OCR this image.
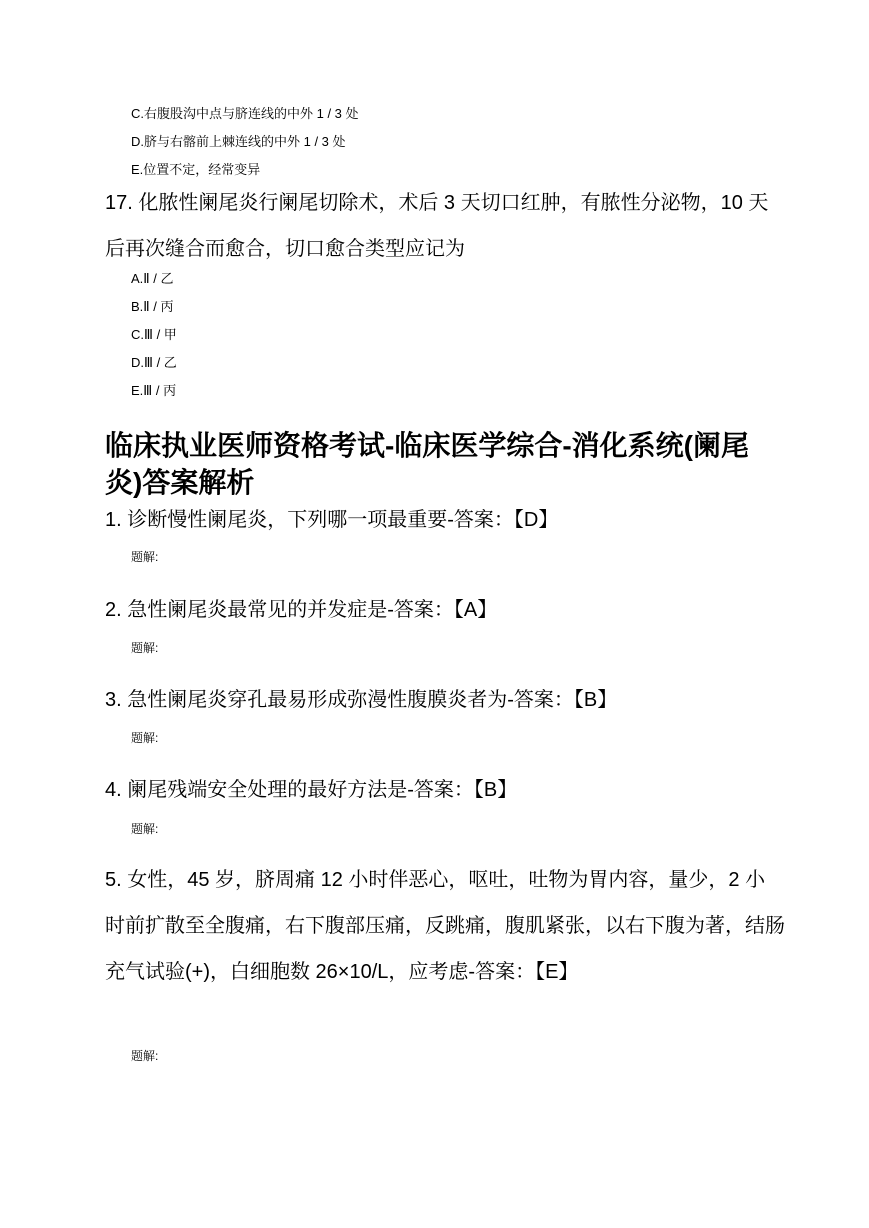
C.右腹股沟中点与脐连线的中外 1 / 3 处
D.脐与右髂前上棘连线的中外 1 / 3 处
E.位置不定，经常变异
17. 化脓性阑尾炎行阑尾切除术，术后 3 天切口红肿，有脓性分泌物，10 天后再次缝合而愈合，切口愈合类型应记为
A.Ⅱ / 乙
B.Ⅱ / 丙
C.Ⅲ / 甲
D.Ⅲ / 乙
E.Ⅲ / 丙
临床执业医师资格考试-临床医学综合-消化系统(阑尾炎)答案解析
1. 诊断慢性阑尾炎，下列哪一项最重要-答案：【D】
题解:
2. 急性阑尾炎最常见的并发症是-答案：【A】
题解:
3. 急性阑尾炎穿孔最易形成弥漫性腹膜炎者为-答案：【B】
题解:
4. 阑尾残端安全处理的最好方法是-答案：【B】
题解:
5. 女性，45 岁，脐周痛 12 小时伴恶心，呕吐，吐物为胃内容，量少，2 小时前扩散至全腹痛，右下腹部压痛，反跳痛，腹肌紧张，以右下腹为著，结肠充气试验(+)，白细胞数 26×10/L，应考虑-答案：【E】
题解:
